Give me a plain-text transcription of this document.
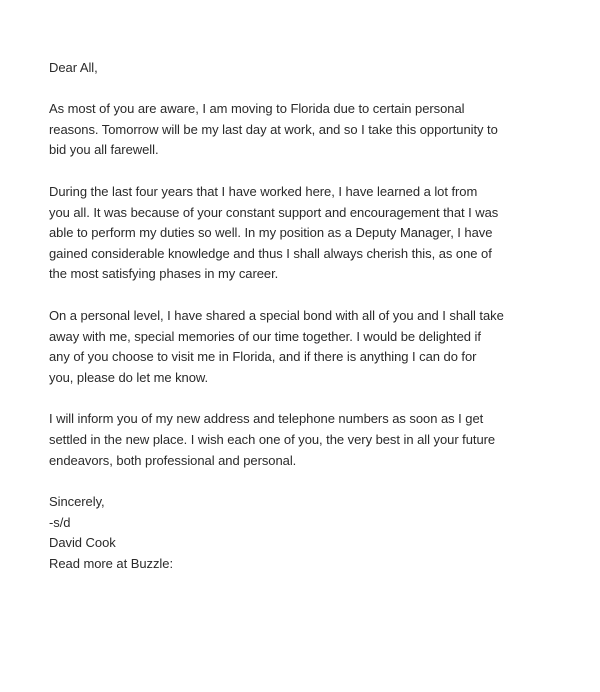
Dear All,

As most of you are aware, I am moving to Florida due to certain personal
reasons. Tomorrow will be my last day at work, and so I take this opportunity to
bid you all farewell.

During the last four years that I have worked here, I have learned a lot from
you all. It was because of your constant support and encouragement that I was
able to perform my duties so well. In my position as a Deputy Manager, I have
gained considerable knowledge and thus I shall always cherish this, as one of
the most satisfying phases in my career.

On a personal level, I have shared a special bond with all of you and I shall take
away with me, special memories of our time together. I would be delighted if
any of you choose to visit me in Florida, and if there is anything I can do for
you, please do let me know.

I will inform you of my new address and telephone numbers as soon as I get
settled in the new place. I wish each one of you, the very best in all your future
endeavors, both professional and personal.

Sincerely,
-s/d
David Cook
Read more at Buzzle:
